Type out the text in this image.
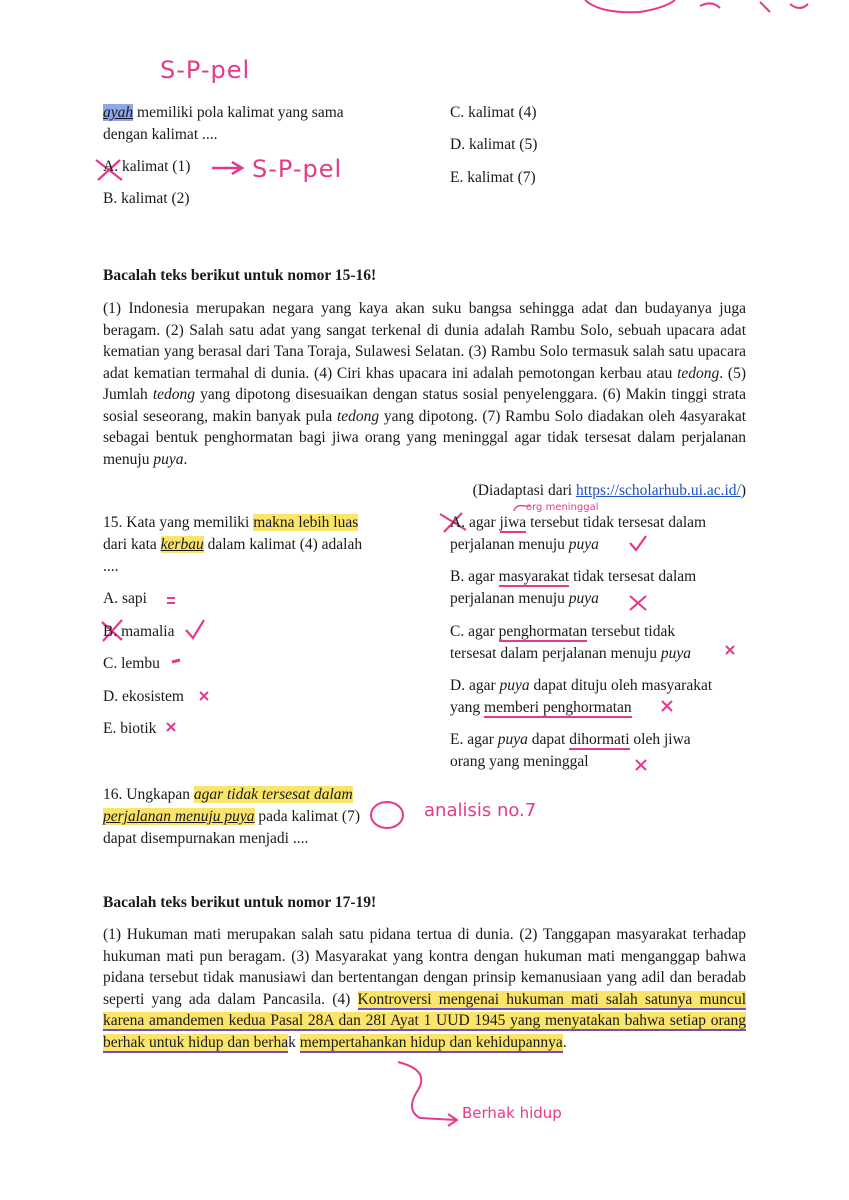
S-P-pel
S-P-pel
ayah memiliki pola kalimat yang sama
dengan kalimat ....
A. kalimat (1)
B. kalimat (2)
C. kalimat (4)
D. kalimat (5)
E. kalimat (7)
Bacalah teks berikut untuk nomor 15-16!
(1) Indonesia merupakan negara yang kaya akan suku bangsa sehingga adat dan budayanya juga beragam. (2) Salah satu adat yang sangat terkenal di dunia adalah Rambu Solo, sebuah upacara adat kematian yang berasal dari Tana Toraja, Sulawesi Selatan. (3) Rambu Solo termasuk salah satu upacara adat kematian termahal di dunia. (4) Ciri khas upacara ini adalah pemotongan kerbau atau tedong. (5) Jumlah tedong yang dipotong disesuaikan dengan status sosial penyelenggara. (6) Makin tinggi strata sosial seseorang, makin banyak pula tedong yang dipotong. (7) Rambu Solo diadakan oleh 4asyarakat sebagai bentuk penghormatan bagi jiwa orang yang meninggal agar tidak tersesat dalam perjalanan menuju puya.
(Diadaptasi dari https://scholarhub.ui.ac.id/)
15. Kata yang memiliki makna lebih luas
dari kata kerbau dalam kalimat (4) adalah
....
A. sapi
B. mamalia
C. lembu
D. ekosistem
E. biotik
org meninggal
A. agar jiwa tersebut tidak tersesat dalam
perjalanan menuju puya
B. agar masyarakat tidak tersesat dalam
perjalanan menuju puya
C. agar penghormatan tersebut tidak
tersesat dalam perjalanan menuju puya
D. agar puya dapat dituju oleh masyarakat
yang memberi penghormatan
E. agar puya dapat dihormati oleh jiwa
orang yang meninggal
16. Ungkapan agar tidak tersesat dalam
perjalanan menuju puya pada kalimat (7)
dapat disempurnakan menjadi ....
analisis no.7
Bacalah teks berikut untuk nomor 17-19!
(1) Hukuman mati merupakan salah satu pidana tertua di dunia. (2) Tanggapan masyarakat terhadap hukuman mati pun beragam. (3) Masyarakat yang kontra dengan hukuman mati menganggap bahwa pidana tersebut tidak manusiawi dan bertentangan dengan prinsip kemanusiaan yang adil dan beradab seperti yang ada dalam Pancasila. (4) Kontroversi mengenai hukuman mati salah satunya muncul karena amandemen kedua Pasal 28A dan 28I Ayat 1 UUD 1945 yang menyatakan bahwa setiap orang berhak untuk hidup dan berhak mempertahankan hidup dan kehidupannya.
Berhak hidup
